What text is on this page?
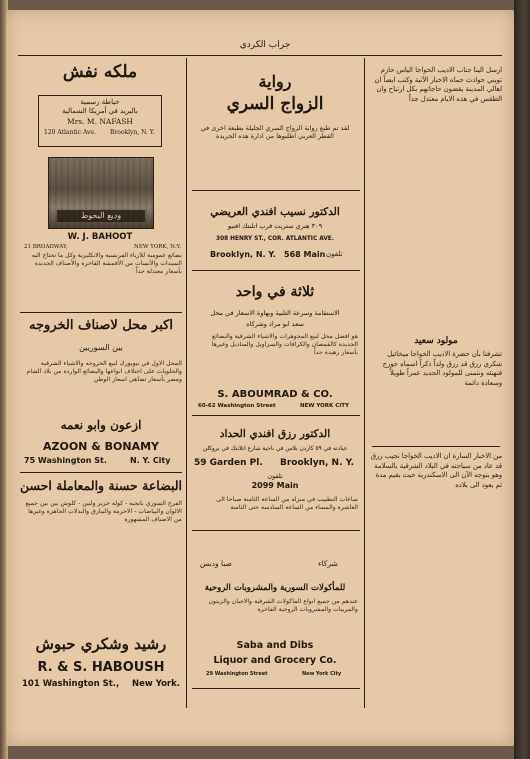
جراب الكردي
ملكه نفش
خياطة رسمية
بالبريد في أمريكا الشمالية
Mrs. M. NAFASH
120 Atlantic Ave. Brooklyn, N. Y.
وديع البحوط
W. J. BAHOOT
21 BROADWAY,	NEW YORK, N.Y.
بضائع عمومية للأزياء الفرنسية والانكليزية وكل ما تحتاج اليه السيدات والآنسات من الأقمشة الفاخرة والأصناف الجديدة بأسعار معتدلة جداً
اكبر محل لاصناف الخروجه
بين السوريين
المحل الاول في نيويورك لبيع الخروجه والاشياء الشرقية والحلويات على اختلاف انواعها والبضائع الواردة من بلاد الشام ومصر بأسعار تضاهي اسعار الوطن
ازعون وابو نعمه
AZOON & BONAMY
75 Washington St.	N. Y. City
البضاعة حسنة والمعاملة احسن
الفرج السوري بانجيه - كوله حرير ولنين - كلوش بين بين جميع الالوان والبياضات - الاحرمة والبيارق والبدلات الجاهزة وغيرها من الاصناف المشهورة
رشيد وشكري حبوش
R. & S. HABOUSH
101 Washington St., New York.
رواية
الزواج السري
لقد تم طبع رواية الزواج السري الجليلة بطبعة اخرى في القطر العربي اطلبوها من ادارة هذه الجريدة
الدكتور نسيب افندي العريضي
٣٠٩ هنري ستريت قرب اتلنتك افنيو
308 HENRY ST., COR. ATLANTIC AVE.
Brooklyn, N. Y. 568 Main تلفون
ثلاثة في واحد
الاستقامة وسرعة التلبية وبهاوة الاسعار في محل
سعد ابو مراد وشركاه
هو افضل محل لبيع المجوهرات والاشياء الشرقية والبضائع الجديدة كالقمصان والكرافات والسراويل والمناديل وغيرها بأسعار زهيدة جداً
S. ABOUMRAD & CO.
60-62 Washington Street	NEW YORK CITY
الدكتور رزق افندي الحداد
عيادته في ٥٩ كاردن بلاس في ناحية شارع اتلانتك في بروكلن
59 Garden Pl. Brooklyn, N. Y.
تلفون
2099 Main
ساعات التطبيب في منزله من الساعة الثامنة صباحاً الى العاشرة والمساء من الساعة السادسة حتى الثامنة
صبا ودبس	شركاء
للمأكولات السورية والمشروبات الروحية
عندهم من جميع انواع المأكولات الشرقية والاجبان والزيتون والمربيات والمشروبات الروحية الفاخرة
Saba and Dibs
Liquor and Grocery Co.
29 Washington Street	New York City
ارسل الينا جناب الاديب الخواجا الياس حازم تويني حوادث حماه الاخبار الآتية وكتب ايضاً ان اهالي المدينة يقضون حاجاتهم بكل ارتياح وان الطقس في هذه الايام معتدل جداً
مولود سعيد
تشرفنا بأن حضرة الاديب الخواجا ميخائيل شكري رزق قد رزق ولداً ذكراً اسماه جورج فنهنئه ونتمنى للمولود الجديد عمراً طويلاً وسعادة دائمة
من الاخبار السارة ان الاديب الخواجا نجيب رزق قد عاد من سياحته في البلاد الشرقية بالسلامة وهو يتوجه الآن الى الاسكندرية حيث يقيم مدة ثم يعود الى بلاده
